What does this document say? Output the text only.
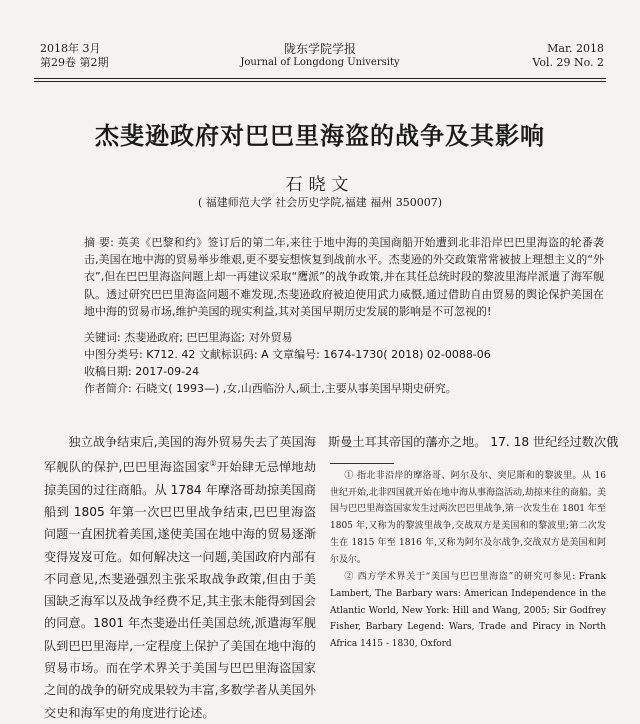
2018年 3月
第29卷 第2期
陇东学院学报
Journal of Longdong University
Mar. 2018
Vol. 29 No. 2
杰斐逊政府对巴巴里海盗的战争及其影响
石晓文
( 福建师范大学 社会历史学院,福建 福州 350007)
摘 要: 英美《巴黎和约》签订后的第二年,来往于地中海的美国商船开始遭到北非沿岸巴巴里海盗的轮番袭击,美国在地中海的贸易举步维艰,更不要妄想恢复到战前水平。杰斐逊的外交政策常常被披上理想主义的“外衣”,但在巴巴里海盗问题上却一再建议采取“鹰派”的战争政策,并在其任总统时段的黎波里海岸派遣了海军舰队。透过研究巴巴里海盗问题不难发现,杰斐逊政府被迫使用武力威慑,通过借助自由贸易的舆论保护美国在地中海的贸易市场,维护美国的现实利益,其对美国早期历史发展的影响是不可忽视的!
关键词: 杰斐逊政府; 巴巴里海盗; 对外贸易
中图分类号: K712. 42 文献标识码: A 文章编号: 1674-1730( 2018) 02-0088-06
收稿日期: 2017-09-24
作者简介: 石晓文( 1993—) ,女,山西临汾人,硕士,主要从事美国早期史研究。
独立战争结束后,美国的海外贸易失去了英国海军舰队的保护,巴巴里海盗国家①开始肆无忌惮地劫掠美国的过往商船。从 1784 年摩洛哥劫掠美国商船到 1805 年第一次巴巴里战争结束,巴巴里海盗问题一直困扰着美国,遂使美国在地中海的贸易逐渐变得岌岌可危。如何解决这一问题,美国政府内部有不同意见,杰斐逊强烈主张采取战争政策,但由于美国缺乏海军以及战争经费不足,其主张未能得到国会的同意。1801 年杰斐逊出任美国总统,派遣海军舰队到巴巴里海岸,一定程度上保护了美国在地中海的贸易市场。而在学术界关于美国与巴巴里海盗国家之间的战争的研究成果较为丰富,多数学者从美国外交史和海军史的角度进行论述。
斯曼土耳其帝国的藩亦之地。 17. 18 世纪经过数次俄
① 指北非沿岸的摩洛哥、阿尔及尔、突尼斯和的黎波里。从 16 世纪开始,北非四国就开始在地中海从事海盗活动,劫掠来往的商船。美国与巴巴里海盗国家发生过两次巴巴里战争,第一次发生在 1801 年至 1805 年,又称为的黎波里战争,交战双方是美国和的黎波里;第二次发生在 1815 年至 1816 年,又称为阿尔及尔战争,交战双方是美国和阿尔及尔。
② 西方学术界关于“美国与巴巴里海盗”的研究可参见: Frank Lambert, The Barbary wars: American Independence in the Atlantic World, New York: Hill and Wang, 2005; Sir Godfrey Fisher, Barbary Legend: Wars, Trade and Piracy in North Africa 1415 - 1830, Oxford
